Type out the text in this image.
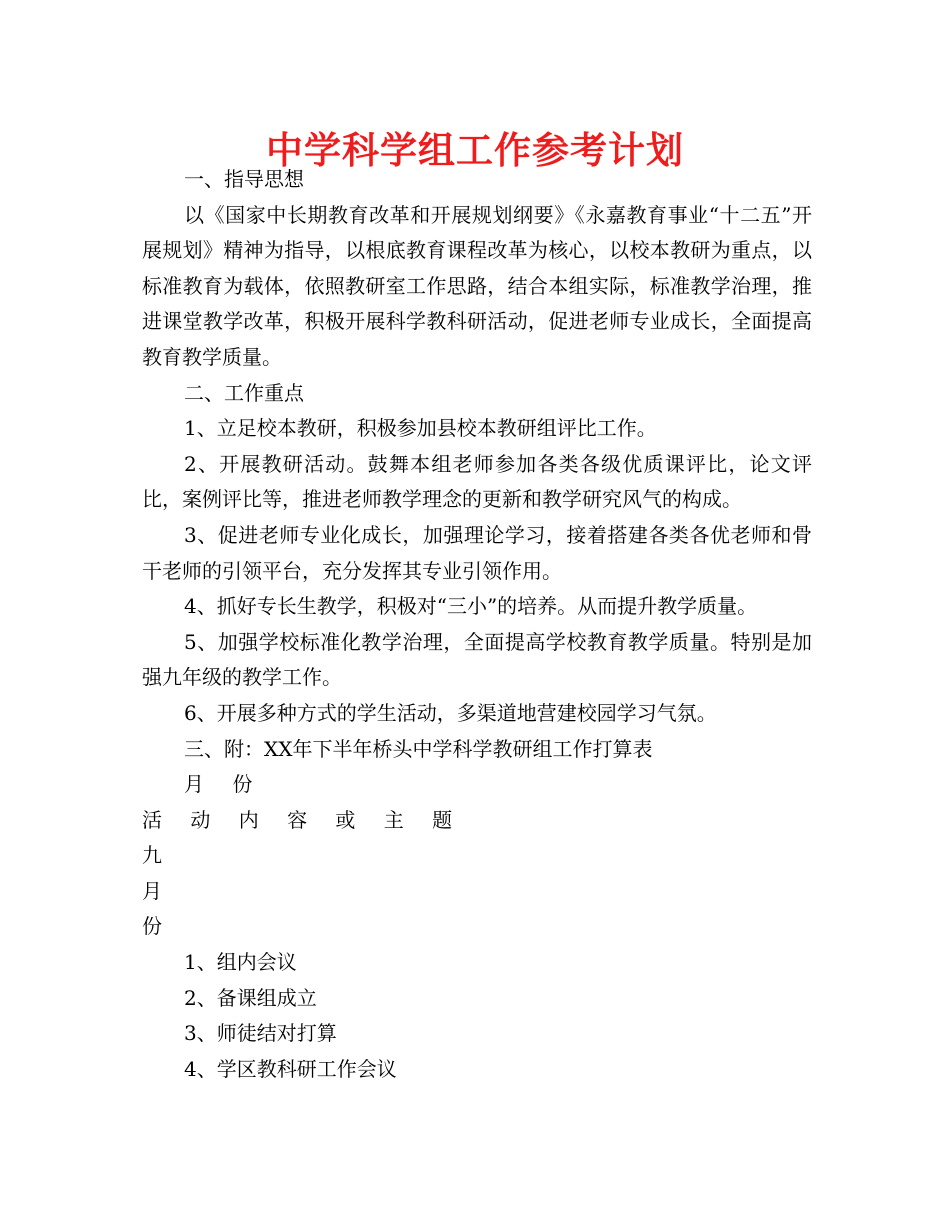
中学科学组工作参考计划

一、指导思想

以《国家中长期教育改革和开展规划纲要》《永嘉教育事业“十二五”开展规划》精神为指导，以根底教育课程改革为核心，以校本教研为重点，以标准教育为载体，依照教研室工作思路，结合本组实际，标准教学治理，推进课堂教学改革，积极开展科学教科研活动，促进老师专业成长，全面提高教育教学质量。

二、工作重点

1、立足校本教研，积极参加县校本教研组评比工作。

2、开展教研活动。鼓舞本组老师参加各类各级优质课评比，论文评比，案例评比等，推进老师教学理念的更新和教学研究风气的构成。

3、促进老师专业化成长，加强理论学习，接着搭建各类各优老师和骨干老师的引领平台，充分发挥其专业引领作用。

4、抓好专长生教学，积极对“三小”的培养。从而提升教学质量。

5、加强学校标准化教学治理，全面提高学校教育教学质量。特别是加强九年级的教学工作。

6、开展多种方式的学生活动，多渠道地营建校园学习气氛。

三、附：XX年下半年桥头中学科学教研组工作打算表

月 份

活 动 内 容 或 主 题

九

月

份

1、组内会议

2、备课组成立

3、师徒结对打算

4、学区教科研工作会议
